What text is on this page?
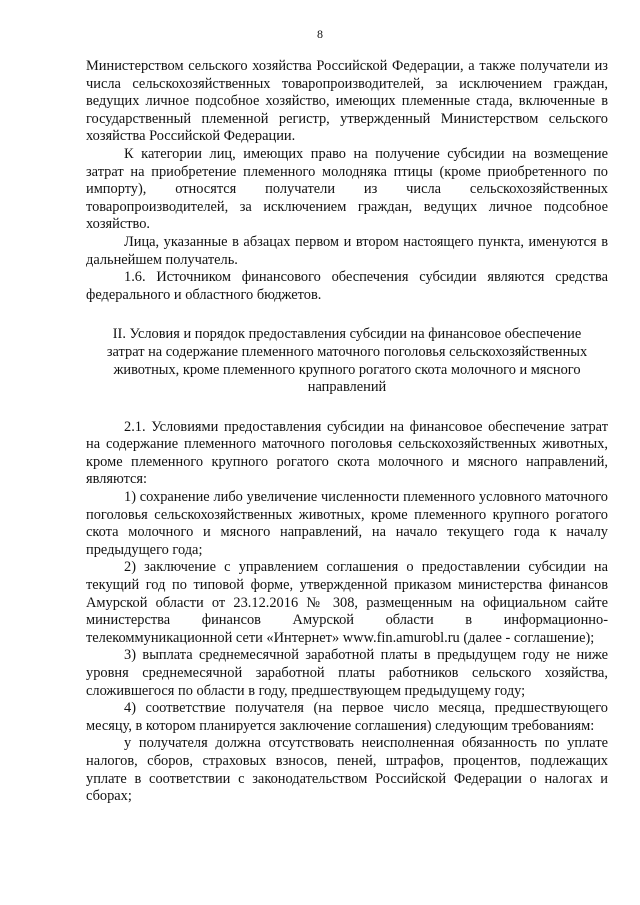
8

Министерством сельского хозяйства Российской Федерации, а также получатели из числа сельскохозяйственных товаропроизводителей, за исключением граждан, ведущих личное подсобное хозяйство, имеющих племенные стада, включенные в государственный племенной регистр, утвержденный Министерством сельского хозяйства Российской Федерации.

К категории лиц, имеющих право на получение субсидии на возмещение затрат на приобретение племенного молодняка птицы (кроме приобретенного по импорту), относятся получатели из числа сельскохозяйственных товаропроизводителей, за исключением граждан, ведущих личное подсобное хозяйство.

Лица, указанные в абзацах первом и втором настоящего пункта, именуются в дальнейшем получатель.

1.6. Источником финансового обеспечения субсидии являются средства федерального и областного бюджетов.

II. Условия и порядок предоставления субсидии на финансовое обеспечение затрат на содержание племенного маточного поголовья сельскохозяйственных животных, кроме племенного крупного рогатого скота молочного и мясного направлений

2.1. Условиями предоставления субсидии на финансовое обеспечение затрат на содержание племенного маточного поголовья сельскохозяйственных животных, кроме племенного крупного рогатого скота молочного и мясного направлений, являются:

1) сохранение либо увеличение численности племенного условного маточного поголовья сельскохозяйственных животных, кроме племенного крупного рогатого скота молочного и мясного направлений, на начало текущего года к началу предыдущего года;

2) заключение с управлением соглашения о предоставлении субсидии на текущий год по типовой форме, утвержденной приказом министерства финансов Амурской области от 23.12.2016 № 308, размещенным на официальном сайте министерства финансов Амурской области в информационно-телекоммуникационной сети «Интернет» www.fin.amurobl.ru (далее - соглашение);

3) выплата среднемесячной заработной платы в предыдущем году не ниже уровня среднемесячной заработной платы работников сельского хозяйства, сложившегося по области в году, предшествующем предыдущему году;

4) соответствие получателя (на первое число месяца, предшествующего месяцу, в котором планируется заключение соглашения) следующим требованиям:

у получателя должна отсутствовать неисполненная обязанность по уплате налогов, сборов, страховых взносов, пеней, штрафов, процентов, подлежащих уплате в соответствии с законодательством Российской Федерации о налогах и сборах;
